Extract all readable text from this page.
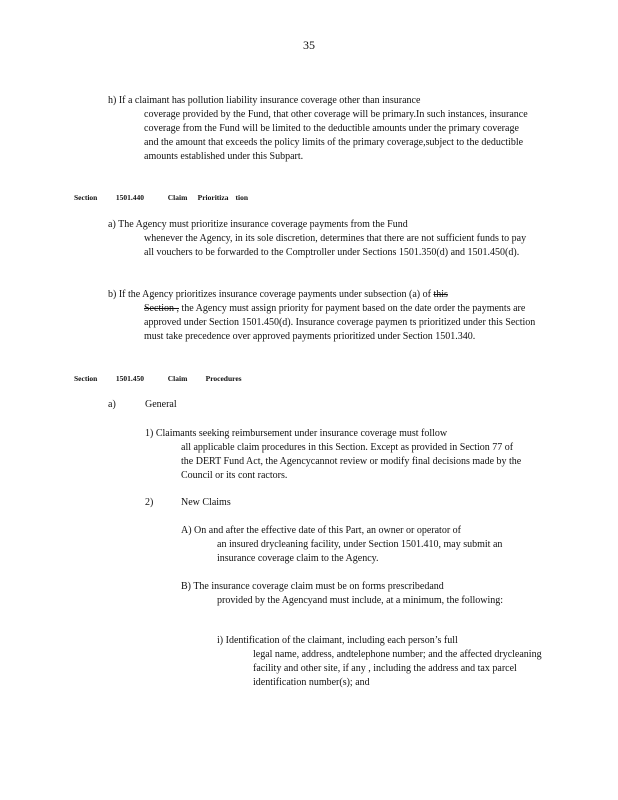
35
h) If a claimant has pollution liability insurance coverage other than insurance
coverage provided by the Fund, that other coverage will be primary.In such instances, insurance coverage from the Fund will be limited to the deductible amounts under the primary coverage and the amount that exceeds the policy limits of the primary coverage,subject to the deductible amounts established under this Subpart.
Section 1501.440	Claim Prioritiza tion
a) The Agency must prioritize insurance coverage payments from the Fund
whenever the Agency, in its sole discretion, determines that there are not sufficient funds to pay all vouchers to be forwarded to the Comptroller under Sections 1501.350(d) and 1501.450(d).
b) If the Agency prioritizes insurance coverage payments under subsection (a) of this
Section , the Agency must assign priority for payment based on the date order the payments are approved under Section 1501.450(d). Insurance coverage paymen ts prioritized under this Section must take precedence over approved payments prioritized under Section 1501.340.
Section 1501.450	Claim Procedures
a)	General
1) Claimants seeking reimbursement under insurance coverage must follow
all applicable claim procedures in this Section. Except as provided in Section 77 of the DERT Fund Act, the Agencycannot review or modify final decisions made by the Council or its cont ractors.
2)	New Claims
A) On and after the effective date of this Part, an owner or operator of
an insured drycleaning facility, under Section 1501.410, may submit an insurance coverage claim to the Agency.
B) The insurance coverage claim must be on forms prescribedand
provided by the Agencyand must include, at a minimum, the following:
i) Identification of the claimant, including each person’s full
legal name, address, andtelephone number; and the affected drycleaning facility and other site, if any , including the address and tax parcel identification number(s); and
